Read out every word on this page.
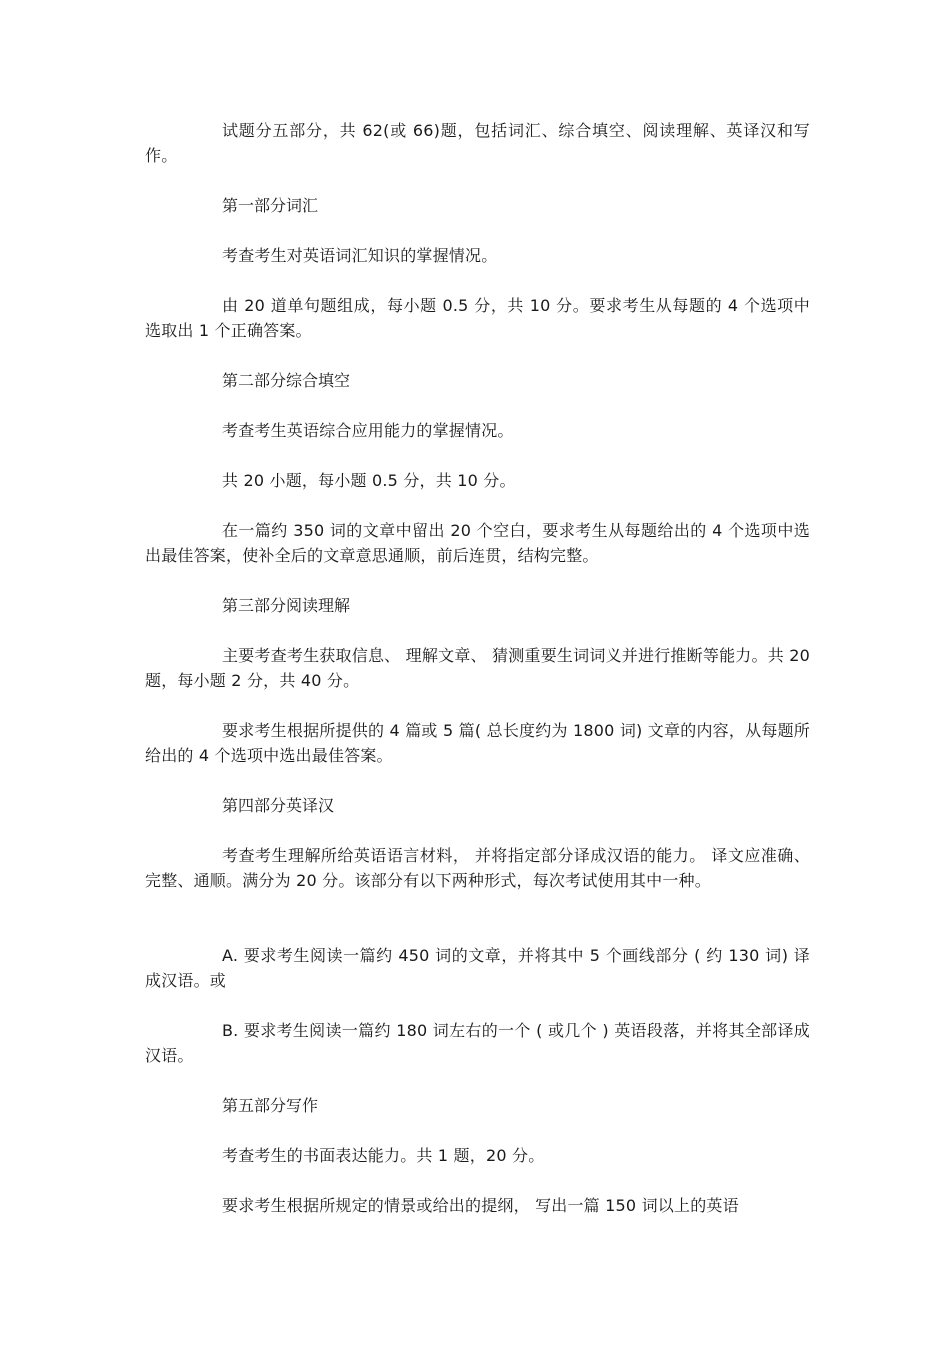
试题分五部分，共 62(或 66)题，包括词汇、综合填空、阅读理解、英译汉和写作。

第一部分词汇

考查考生对英语词汇知识的掌握情况。

由 20 道单句题组成，每小题 0.5 分，共 10 分。要求考生从每题的 4 个选项中选取出 1 个正确答案。

第二部分综合填空

考查考生英语综合应用能力的掌握情况。

共 20 小题，每小题 0.5 分，共 10 分。

在一篇约 350 词的文章中留出 20 个空白，要求考生从每题给出的 4 个选项中选出最佳答案，使补全后的文章意思通顺，前后连贯，结构完整。

第三部分阅读理解

主要考查考生获取信息、 理解文章、 猜测重要生词词义并进行推断等能力。共 20 题，每小题 2 分，共 40 分。

要求考生根据所提供的 4 篇或 5 篇( 总长度约为 1800 词) 文章的内容，从每题所给出的 4 个选项中选出最佳答案。

第四部分英译汉

考查考生理解所给英语语言材料， 并将指定部分译成汉语的能力。 译文应准确、完整、通顺。满分为 20 分。该部分有以下两种形式，每次考试使用其中一种。

A. 要求考生阅读一篇约 450 词的文章，并将其中 5 个画线部分 ( 约 130 词) 译成汉语。或

B. 要求考生阅读一篇约 180 词左右的一个 ( 或几个 ) 英语段落，并将其全部译成汉语。

第五部分写作

考查考生的书面表达能力。共 1 题，20 分。

要求考生根据所规定的情景或给出的提纲， 写出一篇 150 词以上的英语
